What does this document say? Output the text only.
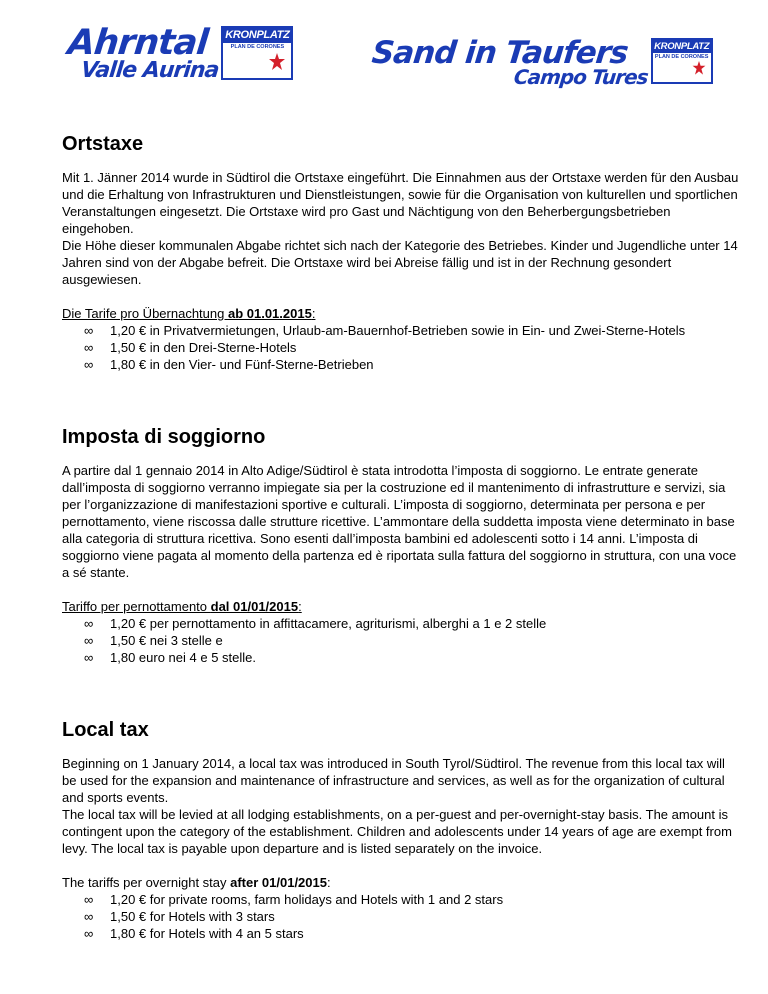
Ahrntal
Valle Aurina
KRONPLATZ
PLAN DE CORONES	Sand in Taufers
Campo Tures
KRONPLATZ
PLAN DE CORONES
Ortstaxe

Mit 1. Jänner 2014 wurde in Südtirol die Ortstaxe eingeführt. Die Einnahmen aus der Ortstaxe werden für den Ausbau und die Erhaltung von Infrastrukturen und Dienstleistungen, sowie für die Organisation von kulturellen und sportlichen Veranstaltungen eingesetzt. Die Ortstaxe wird pro Gast und Nächtigung von den Beherbergungsbetrieben eingehoben.

Die Höhe dieser kommunalen Abgabe richtet sich nach der Kategorie des Betriebes. Kinder und Jugendliche unter 14 Jahren sind von der Abgabe befreit. Die Ortstaxe wird bei Abreise fällig und ist in der Rechnung gesondert ausgewiesen.

Die Tarife pro Übernachtung ab 01.01.2015:

∞ 1,20 € in Privatvermietungen, Urlaub-am-Bauernhof-Betrieben sowie in Ein- und Zwei-Sterne-Hotels
∞ 1,50 € in den Drei-Sterne-Hotels
∞ 1,80 € in den Vier- und Fünf-Sterne-Betrieben
Imposta di soggiorno

A partire dal 1 gennaio 2014 in Alto Adige/Südtirol è stata introdotta l’imposta di soggiorno. Le entrate generate dall’imposta di soggiorno verranno impiegate sia per la costruzione ed il mantenimento di infrastrutture e servizi, sia per l’organizzazione di manifestazioni sportive e culturali. L’imposta di soggiorno, determinata per persona e per pernottamento, viene riscossa dalle strutture ricettive. L’ammontare della suddetta imposta viene determinato in base alla categoria di struttura ricettiva. Sono esenti dall’imposta bambini ed adolescenti sotto i 14 anni. L’imposta di soggiorno viene pagata al momento della partenza ed è riportata sulla fattura del soggiorno in struttura, con una voce a sé stante.

Tariffo per pernottamento dal 01/01/2015:

∞ 1,20 € per pernottamento in affittacamere, agriturismi, alberghi a 1 e 2 stelle
∞ 1,50 € nei 3 stelle e
∞ 1,80 euro nei 4 e 5 stelle.
Local tax

Beginning on 1 January 2014, a local tax was introduced in South Tyrol/Südtirol. The revenue from this local tax will be used for the expansion and maintenance of infrastructure and services, as well as for the organization of cultural and sports events.

The local tax will be levied at all lodging establishments, on a per-guest and per-overnight-stay basis. The amount is contingent upon the category of the establishment. Children and adolescents under 14 years of age are exempt from levy. The local tax is payable upon departure and is listed separately on the invoice.

The tariffs per overnight stay after 01/01/2015:

∞ 1,20 € for private rooms, farm holidays and Hotels with 1 and 2 stars
∞ 1,50 € for Hotels with 3 stars
∞ 1,80 € for Hotels with 4 an 5 stars
